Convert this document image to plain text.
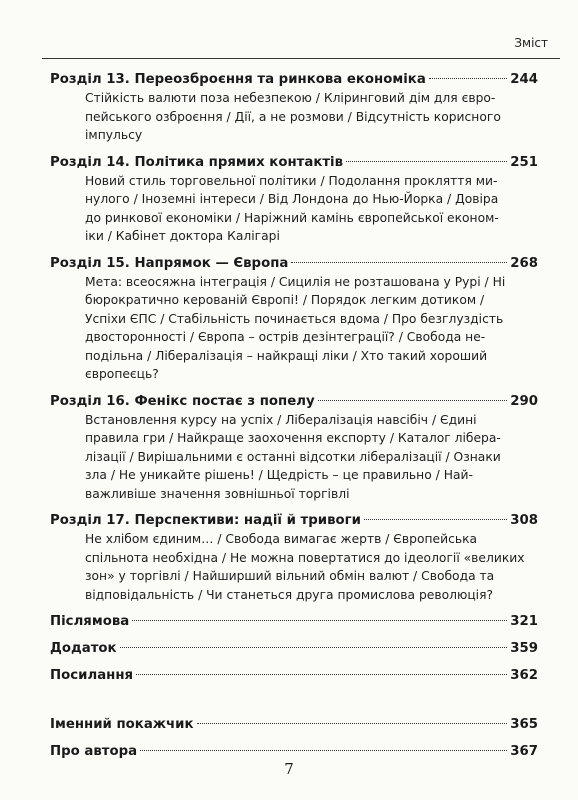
Зміст
Розділ 13. Переозброєння та ринкова економіка	244
Стійкість валюти поза небезпекою / Кліринговий дім для євро-
пейського озброєння / Дії, а не розмови / Відсутність корисного
імпульсу
Розділ 14. Політика прямих контактів	251
Новий стиль торговельної політики / Подолання прокляття ми-
нулого / Іноземні інтереси / Від Лондона до Нью-Йорка / Довіра
до ринкової економіки / Наріжний камінь європейської економ-
іки / Кабінет доктора Калігарі
Розділ 15. Напрямок — Європа	268
Мета: всеосяжна інтеграція / Сицилія не розташована у Рурі / Ні
бюрократично керованій Європі! / Порядок легким дотиком /
Успіхи ЄПС / Стабільність починається вдома / Про безглуздість
двосторонності / Європа – острів дезінтеграції? / Свобода не-
подільна / Лібералізація – найкращі ліки / Хто такий хороший
європеєць?
Розділ 16. Фенікс постає з попелу	290
Встановлення курсу на успіх / Лібералізація навсібіч / Єдині
правила гри / Найкраще заохочення експорту / Каталог лібера-
лізації / Вирішальними є останні відсотки лібералізації / Ознаки
зла / Не уникайте рішень! / Щедрість – це правильно / Най-
важливіше значення зовнішньої торгівлі
Розділ 17. Перспективи: надії й тривоги	308
Не хлібом єдиним… / Свобода вимагає жертв / Європейська
спільнота необхідна / Не можна повертатися до ідеології «великих
зон» у торгівлі / Найширший вільний обмін валют / Свобода та
відповідальність / Чи станеться друга промислова революція?
Післямова	321
Додаток	359
Посилання	362
Іменний покажчик	365
Про автора	367
7
